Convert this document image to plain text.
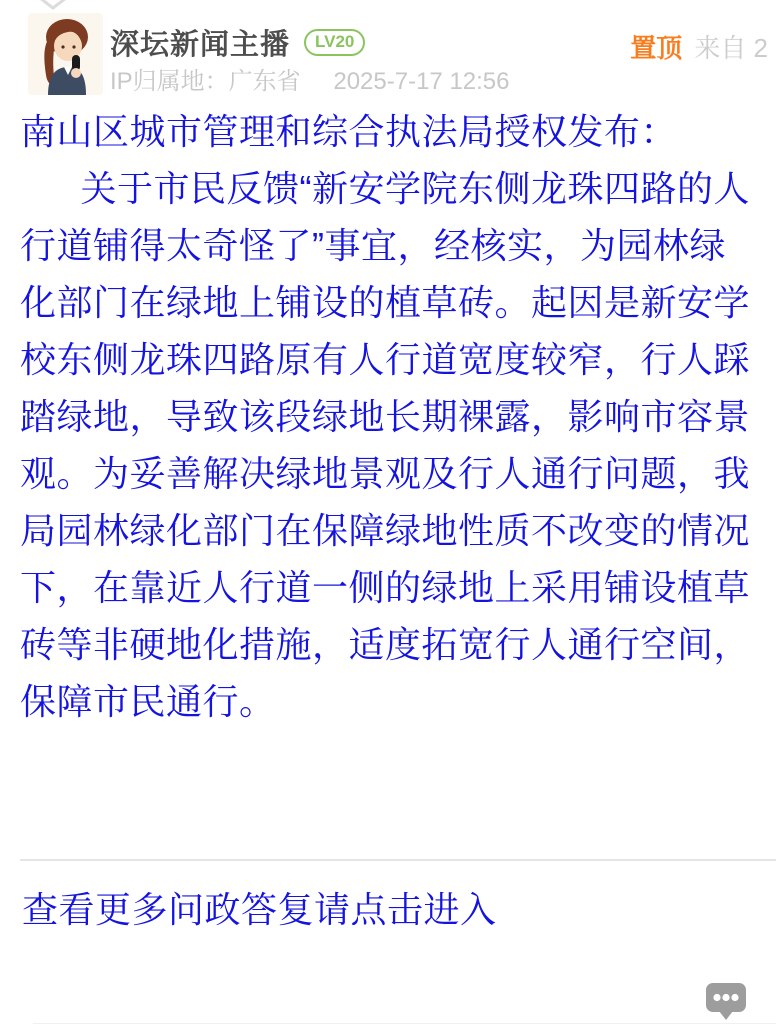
深坛新闻主播	LV20
IP归属地：广东省 2025-7-17 12:56
置顶 来自 2

南山区城市管理和综合执法局授权发布：

　关于市民反馈“新安学院东侧龙珠四路的人行道铺得太奇怪了”事宜，经核实，为园林绿化部门在绿地上铺设的植草砖。起因是新安学校东侧龙珠四路原有人行道宽度较窄，行人踩踏绿地，导致该段绿地长期裸露，影响市容景观。为妥善解决绿地景观及行人通行问题，我局园林绿化部门在保障绿地性质不改变的情况下，在靠近人行道一侧的绿地上采用铺设植草砖等非硬地化措施，适度拓宽行人通行空间，保障市民通行。

查看更多问政答复请点击进入
